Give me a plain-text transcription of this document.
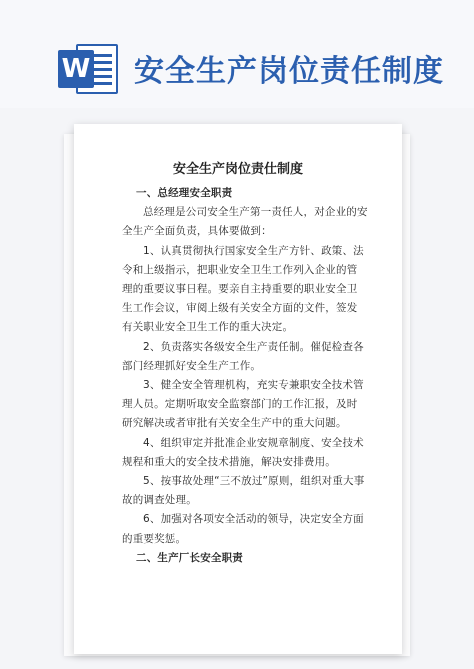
W 安全生产岗位责任制度
​
安全生产岗位责仕制度

一、总经理安全职责

总经理是公司安全生产第一责任人，对企业的安全生产全面负责，具体要做到：

1、认真贯彻执行国家安全生产方针、政策、法令和上级指示，把职业安全卫生工作列入企业的管理的重要议事日程。要亲自主持重要的职业安全卫生工作会议，审阅上级有关安全方面的文件，签发有关职业安全卫生工作的重大决定。

2、负责落实各级安全生产责任制。催促检查各部门经理抓好安全生产工作。

3、健全安全管理机构，充实专兼职安全技术管理人员。定期听取安全监察部门的工作汇报，及时研究解决或者审批有关安全生产中的重大问题。

4、组织审定并批准企业安规章制度、安全技术规程和重大的安全技术措施，解决安排费用。

5、按事故处理“三不放过”原则，组织对重大事故的调查处理。

6、加强对各项安全活动的领导，决定安全方面的重要奖惩。

二、生产厂长安全职责
